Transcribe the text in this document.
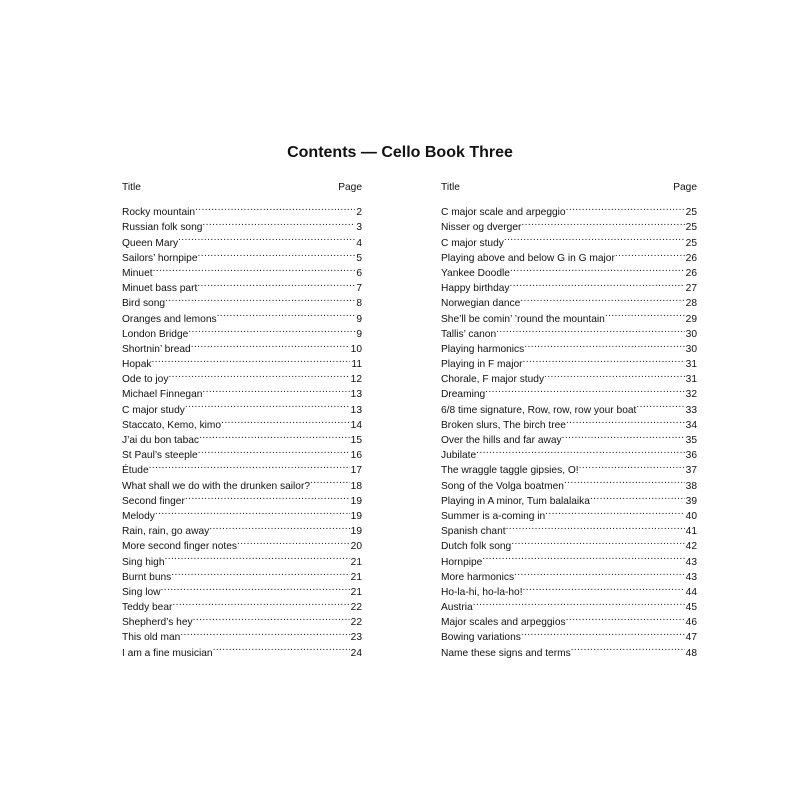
Contents — Cello Book Three
Title	Page
Rocky mountain .....	2
Russian folk song .....	3
Queen Mary .....	4
Sailors’ hornpipe .....	5
Minuet .....	6
Minuet bass part .....	7
Bird song .....	8
Oranges and lemons .....	9
London Bridge .....	9
Shortnin’ bread .....	10
Hopak .....	11
Ode to joy .....	12
Michael Finnegan .....	13
C major study .....	13
Staccato, Kemo, kimo .....	14
J’ai du bon tabac .....	15
St Paul’s steeple .....	16
Étude .....	17
What shall we do with the drunken sailor? .....	18
Second finger .....	19
Melody .....	19
Rain, rain, go away .....	19
More second finger notes .....	20
Sing high .....	21
Burnt buns .....	21
Sing low .....	21
Teddy bear .....	22
Shepherd’s hey .....	22
This old man .....	23
I am a fine musician .....	24
Title	Page
C major scale and arpeggio .....	25
Nisser og dverger .....	25
C major study .....	25
Playing above and below G in G major .....	26
Yankee Doodle .....	26
Happy birthday .....	27
Norwegian dance .....	28
She’ll be comin’ ’round the mountain .....	29
Tallis’ canon .....	30
Playing harmonics .....	30
Playing in F major .....	31
Chorale, F major study .....	31
Dreaming .....	32
6/8 time signature, Row, row, row your boat .....	33
Broken slurs, The birch tree .....	34
Over the hills and far away .....	35
Jubilate .....	36
The wraggle taggle gipsies, O! .....	37
Song of the Volga boatmen .....	38
Playing in A minor, Tum balalaika .....	39
Summer is a-coming in .....	40
Spanish chant .....	41
Dutch folk song .....	42
Hornpipe .....	43
More harmonics .....	43
Ho-la-hi, ho-la-ho! .....	44
Austria .....	45
Major scales and arpeggios .....	46
Bowing variations .....	47
Name these signs and terms .....	48
